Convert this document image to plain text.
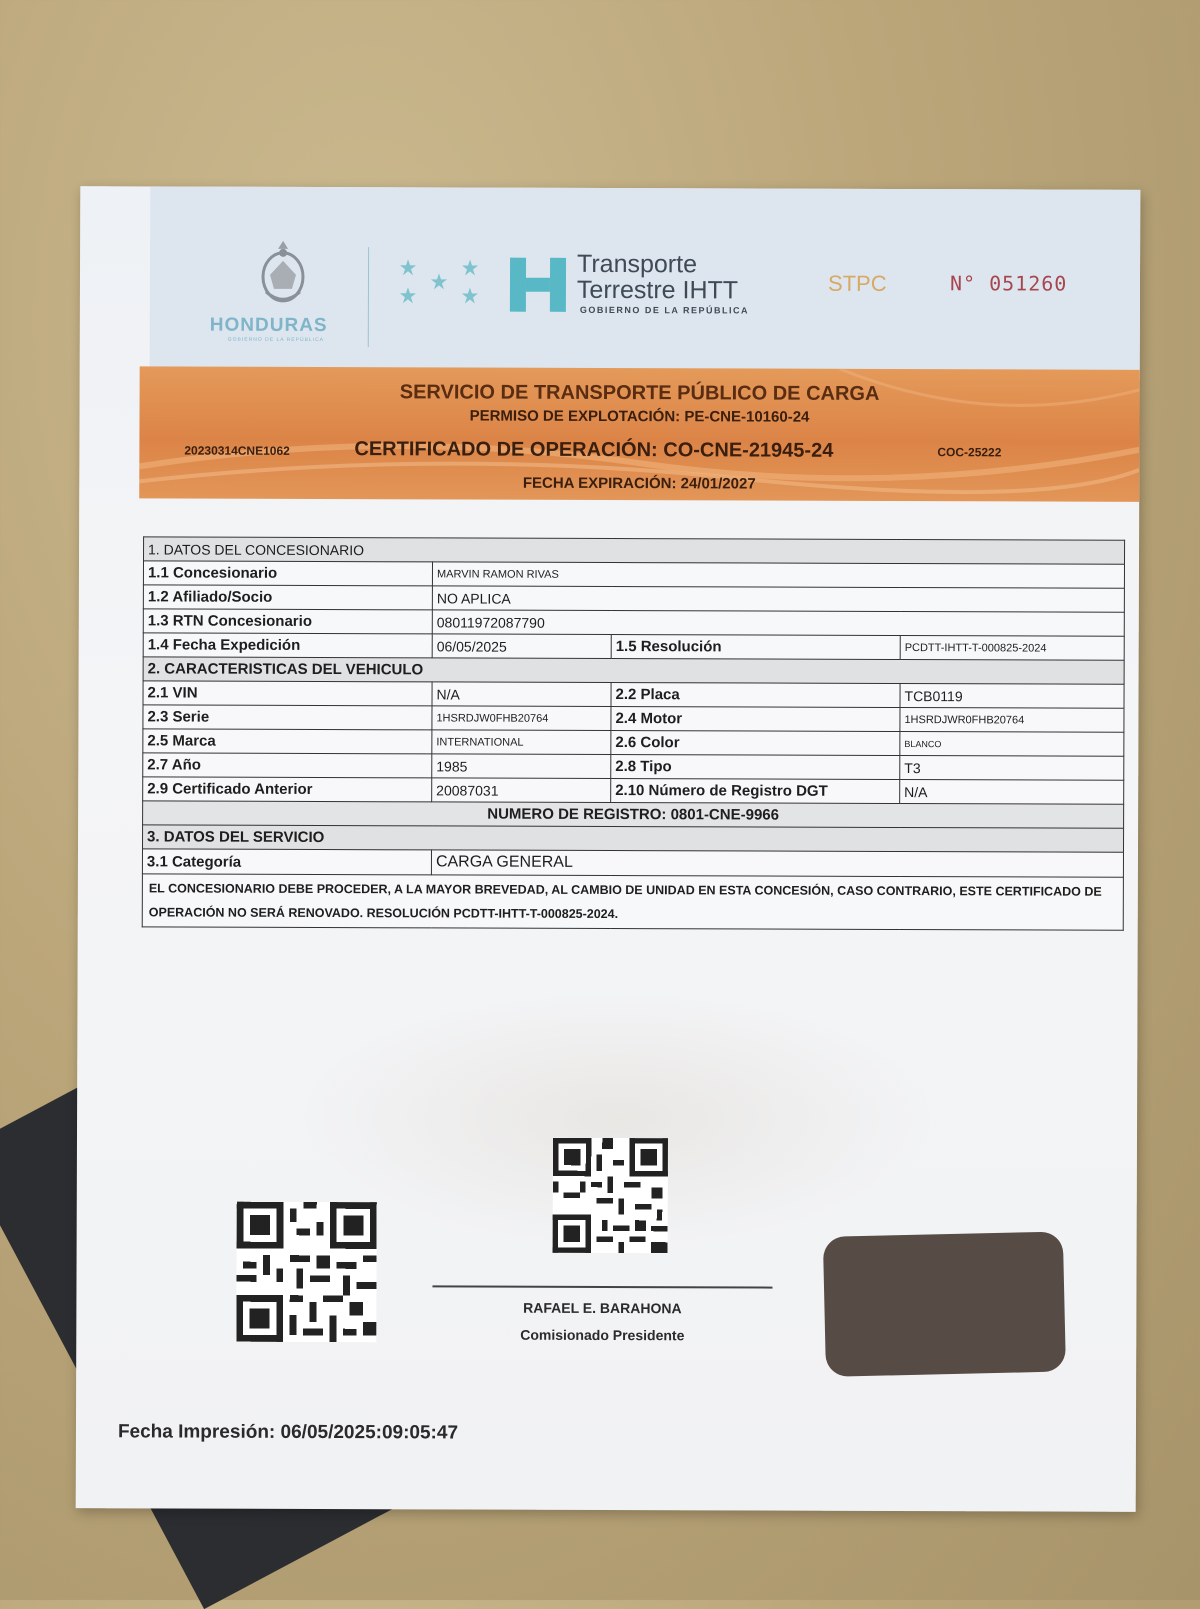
HONDURAS
GOBIERNO DE LA REPÚBLICA
Transporte
Terrestre IHTT
GOBIERNO DE LA REPÚBLICA
STPC	N° 051260
SERVICIO DE TRANSPORTE PÚBLICO DE CARGA
PERMISO DE EXPLOTACIÓN: PE-CNE-10160-24
20230314CNE1062	CERTIFICADO DE OPERACIÓN: CO-CNE-21945-24	COC-25222
FECHA EXPIRACIÓN: 24/01/2027
1. DATOS DEL CONCESIONARIO			
1.1 Concesionario	MARVIN RAMON RIVAS		
1.2 Afiliado/Socio	NO APLICA		
1.3 RTN Concesionario	08011972087790		
1.4 Fecha Expedición	06/05/2025	1.5 Resolución	PCDTT-IHTT-T-000825-2024
2. CARACTERISTICAS DEL VEHICULO			
2.1 VIN	N/A	2.2 Placa	TCB0119
2.3 Serie	1HSRDJW0FHB20764	2.4 Motor	1HSRDJWR0FHB20764
2.5 Marca	INTERNATIONAL	2.6 Color	BLANCO
2.7 Año	1985	2.8 Tipo	T3
2.9 Certificado Anterior	20087031	2.10 Número de Registro DGT	N/A
NUMERO DE REGISTRO: 0801-CNE-9966			
3. DATOS DEL SERVICIO			
3.1 Categoría	CARGA GENERAL		
EL CONCESIONARIO DEBE PROCEDER, A LA MAYOR BREVEDAD, AL CAMBIO DE UNIDAD EN ESTA CONCESIÓN, CASO CONTRARIO, ESTE CERTIFICADO DE OPERACIÓN NO SERÁ RENOVADO. RESOLUCIÓN PCDTT-IHTT-T-000825-2024.			
RAFAEL E. BARAHONA
Comisionado Presidente
Fecha Impresión: 06/05/2025:09:05:47
